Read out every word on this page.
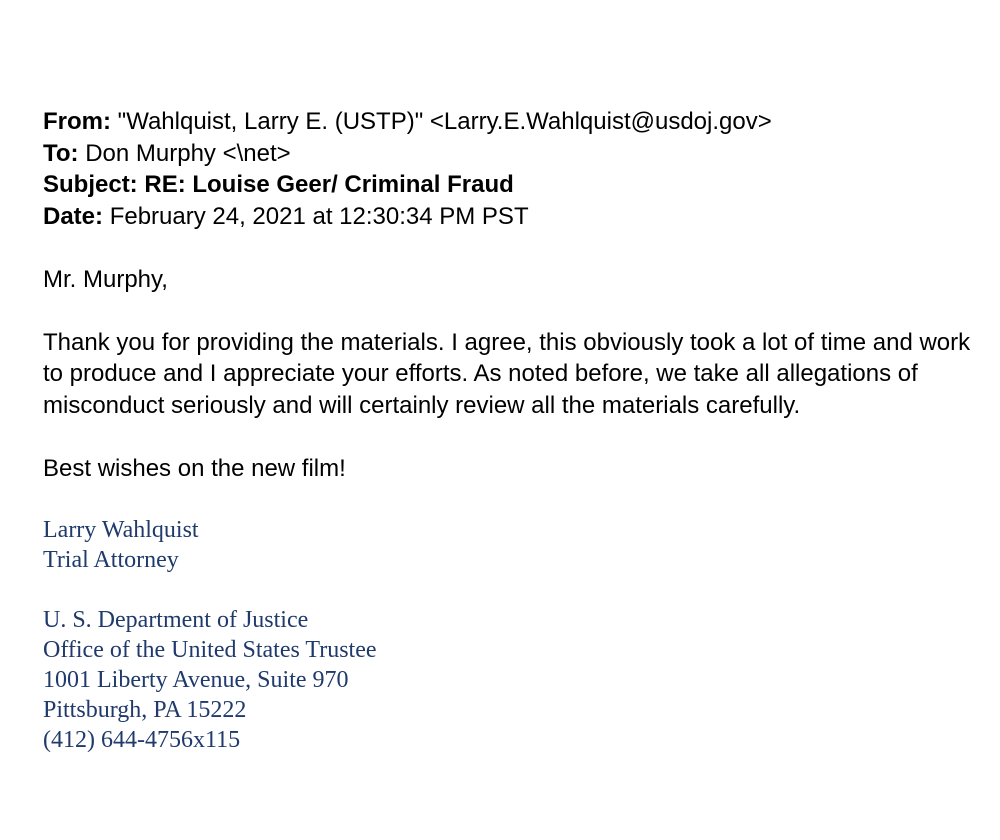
From: "Wahlquist, Larry E. (USTP)" <Larry.E.Wahlquist@usdoj.gov>
To: Don Murphy <\net>
Subject: RE: Louise Geer/ Criminal Fraud
Date: February 24, 2021 at 12:30:34 PM PST
Mr. Murphy,
Thank you for providing the materials. I agree, this obviously took a lot of time and work to produce and I appreciate your efforts. As noted before, we take all allegations of misconduct seriously and will certainly review all the materials carefully.
Best wishes on the new film!
Larry Wahlquist
Trial Attorney
U. S. Department of Justice
Office of the United States Trustee
1001 Liberty Avenue, Suite 970
Pittsburgh, PA 15222
(412) 644-4756x115
